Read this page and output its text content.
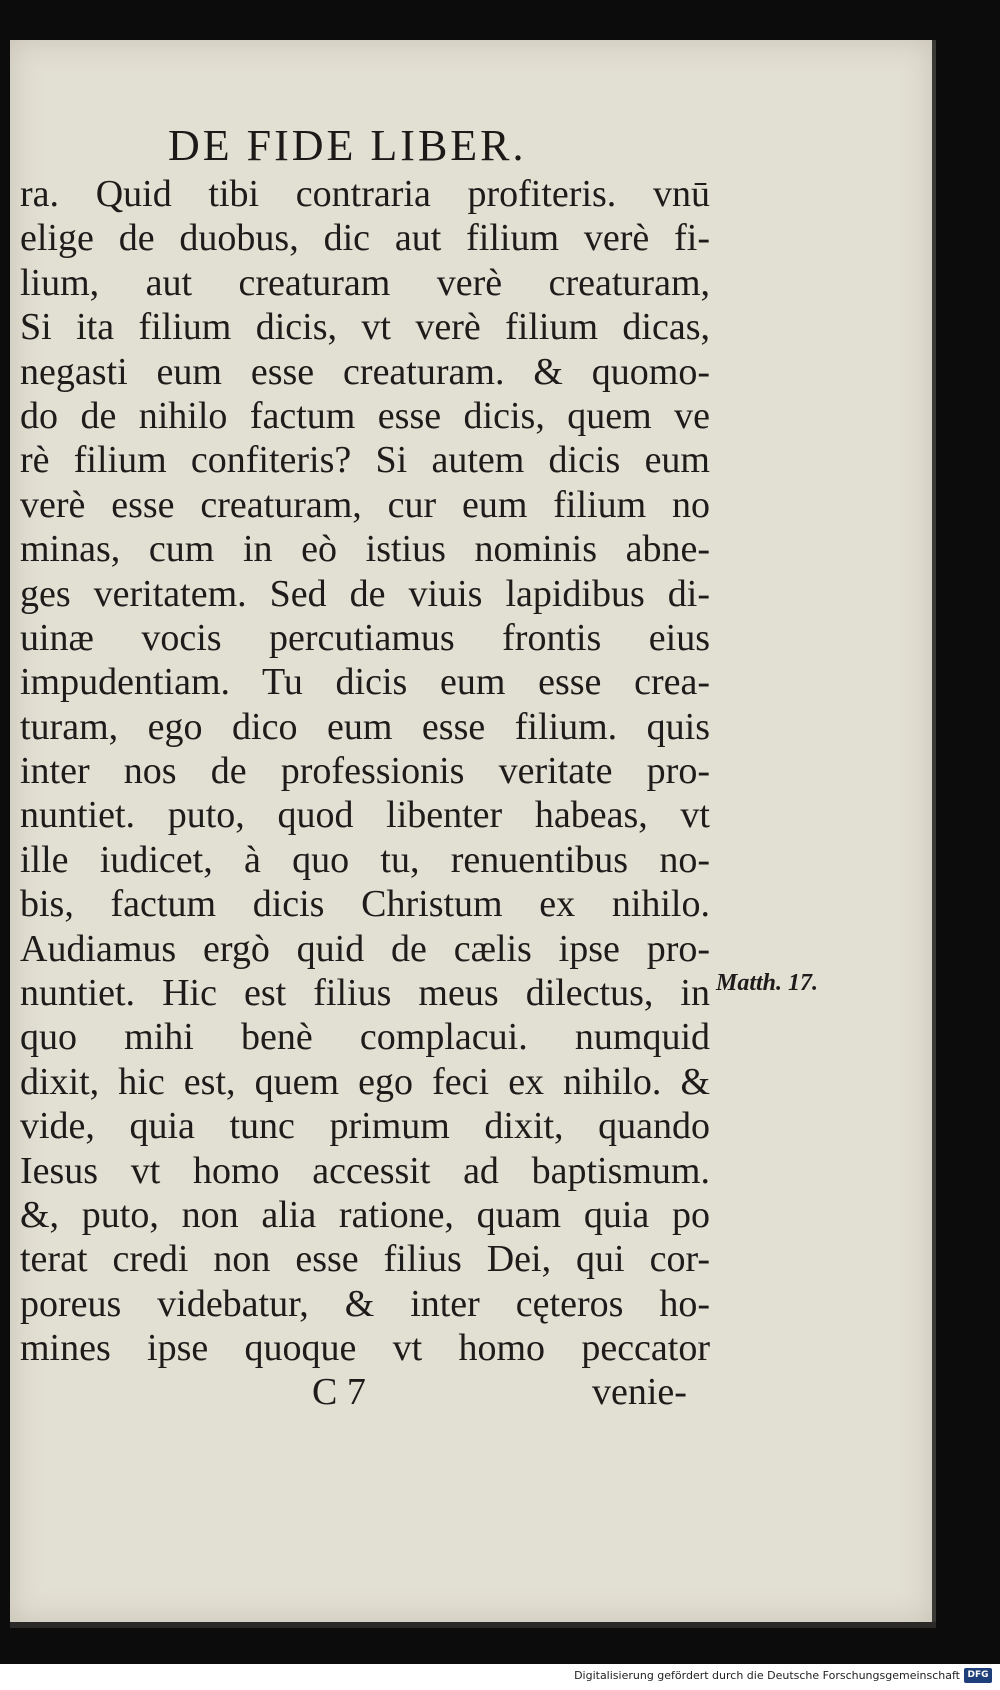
DE FIDE LIBER.
ra. Quid tibi contraria profiteris. vnū
elige de duobus, dic aut filium verè fi-
lium, aut creaturam verè creaturam,
Si ita filium dicis, vt verè filium dicas,
negasti eum esse creaturam. & quomo-
do de nihilo factum esse dicis, quem ve
rè filium confiteris? Si autem dicis eum
verè esse creaturam, cur eum filium no
minas, cum in eò istius nominis abne-
ges veritatem. Sed de viuis lapidibus di-
uinæ vocis percutiamus frontis eius
impudentiam. Tu dicis eum esse crea-
turam, ego dico eum esse filium. quis
inter nos de professionis veritate pro-
nuntiet. puto, quod libenter habeas, vt
ille iudicet, à quo tu, renuentibus no-
bis, factum dicis Christum ex nihilo.
Audiamus ergò quid de cælis ipse pro-
nuntiet. Hic est filius meus dilectus, in
quo mihi benè complacui. numquid
dixit, hic est, quem ego feci ex nihilo. &
vide, quia tunc primum dixit, quando
Iesus vt homo accessit ad baptismum.
&, puto, non alia ratione, quam quia po
terat credi non esse filius Dei, qui cor-
poreus videbatur, & inter cęteros ho-
mines ipse quoque vt homo peccator
Matth. 17.
C 7	venie-
Digitalisierung gefördert durch die Deutsche Forschungsgemeinschaft DFG
